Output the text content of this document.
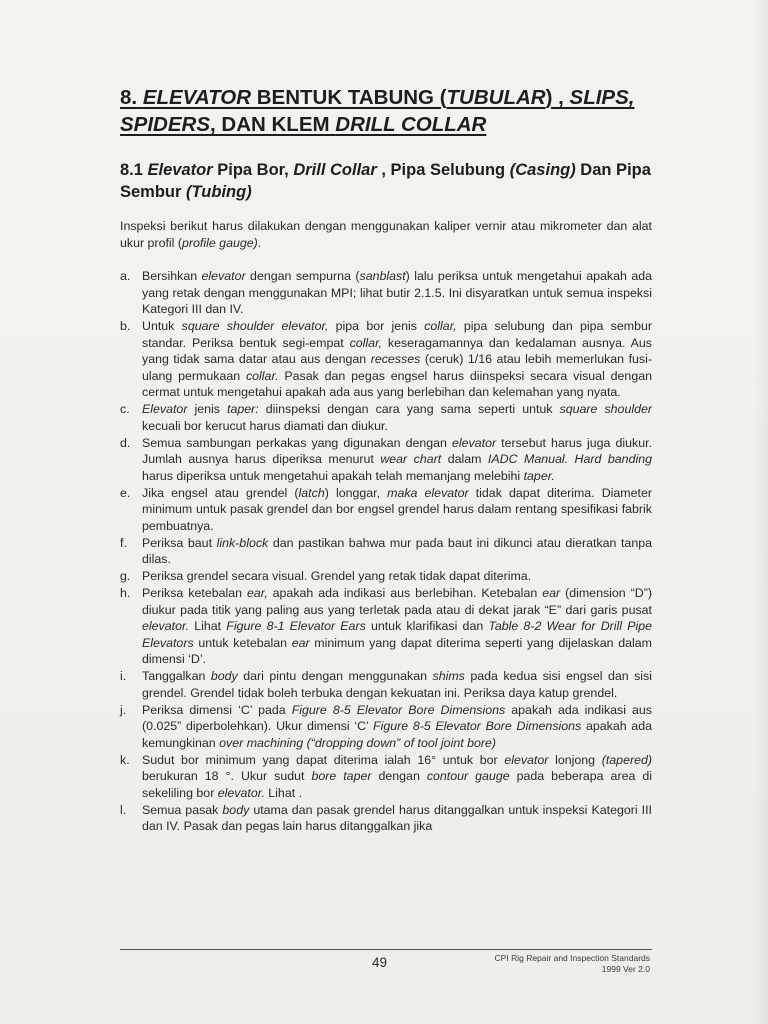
8. ELEVATOR BENTUK TABUNG (TUBULAR) , SLIPS, SPIDERS, DAN KLEM DRILL COLLAR
8.1 Elevator Pipa Bor, Drill Collar , Pipa Selubung (Casing) Dan Pipa Sembur (Tubing)

Inspeksi berikut harus dilakukan dengan menggunakan kaliper vernir atau mikrometer dan alat ukur profil (profile gauge).

a. Bersihkan elevator dengan sempurna (sanblast) lalu periksa untuk mengetahui apakah ada yang retak dengan menggunakan MPI; lihat butir 2.1.5. Ini disyaratkan untuk semua inspeksi Kategori III dan IV.
b. Untuk square shoulder elevator, pipa bor jenis collar, pipa selubung dan pipa sembur standar. Periksa bentuk segi-empat collar, keseragamannya dan kedalaman ausnya. Aus yang tidak sama datar atau aus dengan recesses (ceruk) 1/16 atau lebih memerlukan fusi-ulang permukaan collar. Pasak dan pegas engsel harus diinspeksi secara visual dengan cermat untuk mengetahui apakah ada aus yang berlebihan dan kelemahan yang nyata.
c. Elevator jenis taper: diinspeksi dengan cara yang sama seperti untuk square shoulder kecuali bor kerucut harus diamati dan diukur.
d. Semua sambungan perkakas yang digunakan dengan elevator tersebut harus juga diukur. Jumlah ausnya harus diperiksa menurut wear chart dalam IADC Manual. Hard banding harus diperiksa untuk mengetahui apakah telah memanjang melebihi taper.
e. Jika engsel atau grendel (latch) longgar, maka elevator tidak dapat diterima. Diameter minimum untuk pasak grendel dan bor engsel grendel harus dalam rentang spesifikasi fabrik pembuatnya.
f. Periksa baut link-block dan pastikan bahwa mur pada baut ini dikunci atau dieratkan tanpa dilas.
g. Periksa grendel secara visual. Grendel yang retak tidak dapat diterima.
h. Periksa ketebalan ear, apakah ada indikasi aus berlebihan. Ketebalan ear (dimension “D”) diukur pada titik yang paling aus yang terletak pada atau di dekat jarak “E” dari garis pusat elevator. Lihat Figure 8-1 Elevator Ears untuk klarifikasi dan Table 8-2 Wear for Drill Pipe Elevators untuk ketebalan ear minimum yang dapat diterima seperti yang dijelaskan dalam dimensi ‘D’.
i. Tanggalkan body dari pintu dengan menggunakan shims pada kedua sisi engsel dan sisi grendel. Grendel tidak boleh terbuka dengan kekuatan ini. Periksa daya katup grendel.
j. Periksa dimensi ‘C’ pada Figure 8-5 Elevator Bore Dimensions apakah ada indikasi aus (0.025” diperbolehkan). Ukur dimensi ‘C’ Figure 8-5 Elevator Bore Dimensions apakah ada kemungkinan over machining (“dropping down” of tool joint bore)
k. Sudut bor minimum yang dapat diterima ialah 16° untuk bor elevator lonjong (tapered) berukuran 18 °. Ukur sudut bore taper dengan contour gauge pada beberapa area di sekeliling bor elevator. Lihat .
l. Semua pasak body utama dan pasak grendel harus ditanggalkan untuk inspeksi Kategori III dan IV. Pasak dan pegas lain harus ditanggalkan jika
49	CPI Rig Repair and Inspection Standards
1999 Ver 2.0
